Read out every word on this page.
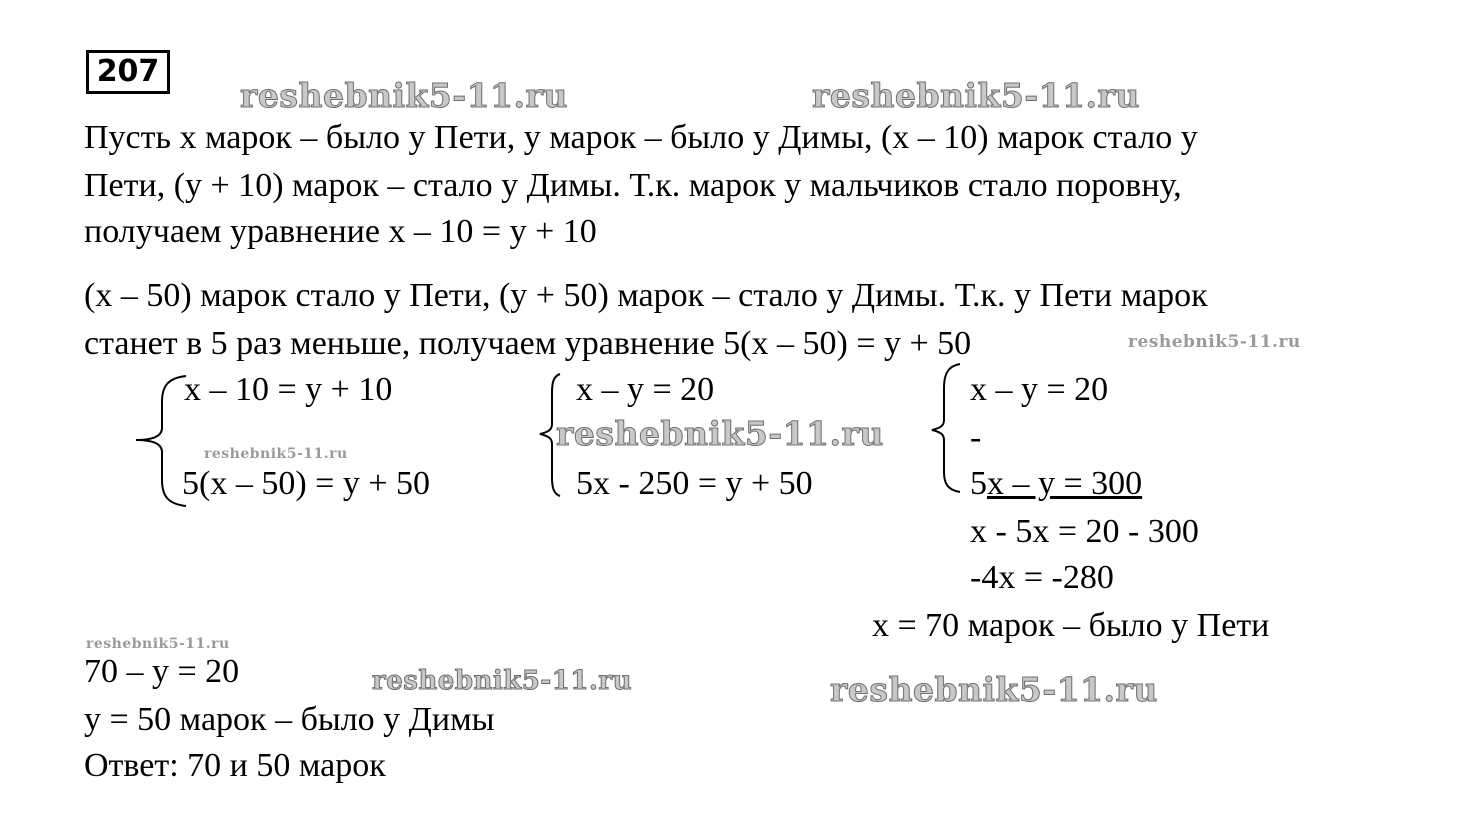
207
reshebnik5-11.ru	reshebnik5-11.ru
reshebnik5-11.ru
reshebnik5-11.ru
reshebnik5-11.ru
reshebnik5-11.ru
reshebnik5-11.ru	reshebnik5-11.ru
Пусть x марок – было у Пети, y марок – было у Димы, (x – 10) марок стало у
Пети, (y + 10) марок – стало у Димы. Т.к. марок у мальчиков стало поровну,
получаем уравнение x – 10 = y + 10
(x – 50) марок стало у Пети, (y + 50) марок – стало у Димы. Т.к. у Пети марок
станет в 5 раз меньше, получаем уравнение 5(x – 50) = y + 50
x – 10 = y + 10
5(x – 50) = y + 50
x – y = 20
5x - 250 = y + 50
x – y = 20
-
5x – y = 300
x - 5x = 20 - 300
-4x = -280
x = 70 марок – было у Пети
70 – y = 20
y = 50 марок – было у Димы
Ответ: 70 и 50 марок
